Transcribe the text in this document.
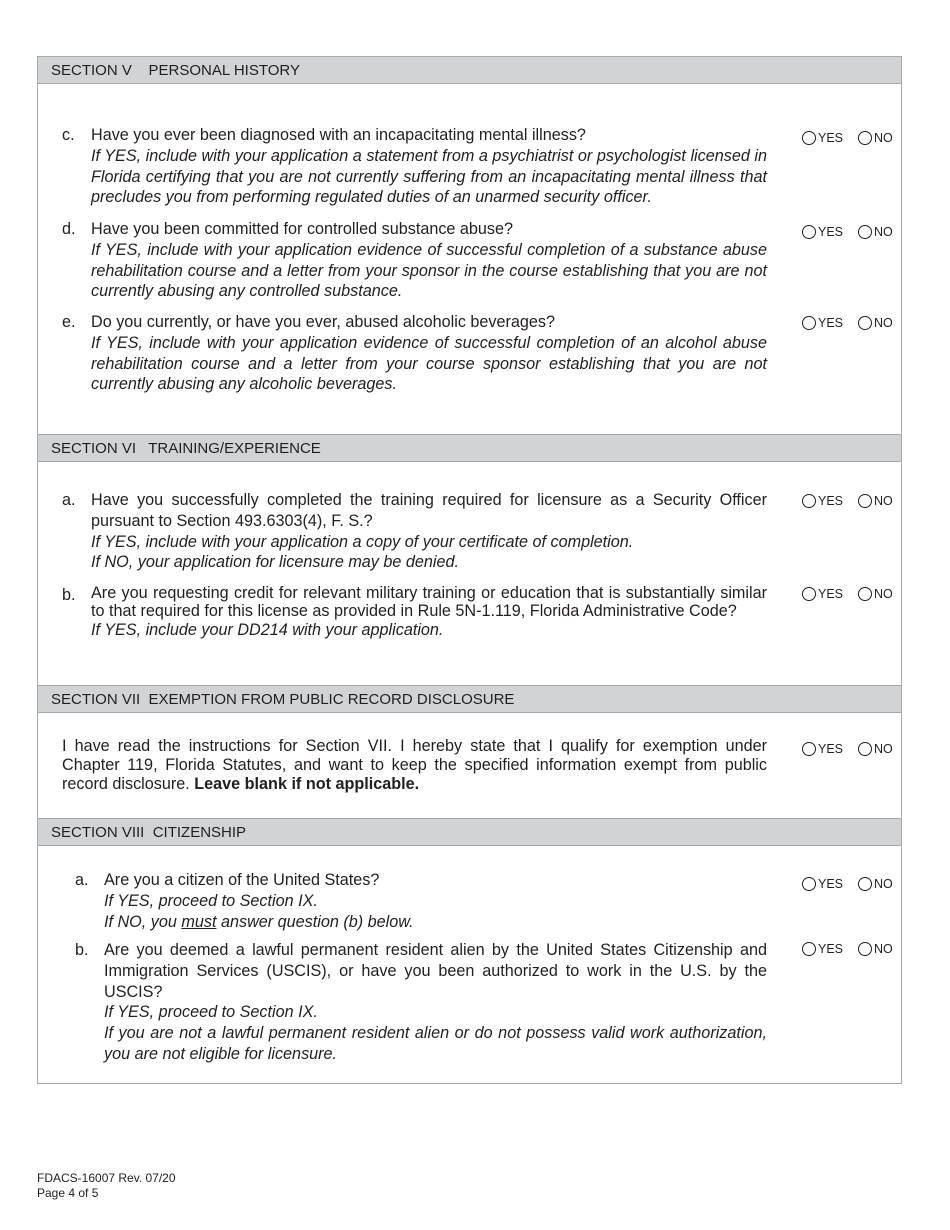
SECTION V PERSONAL HISTORY
c. Have you ever been diagnosed with an incapacitating mental illness?
If YES, include with your application a statement from a psychiatrist or psychologist licensed in Florida certifying that you are not currently suffering from an incapacitating mental illness that precludes you from performing regulated duties of an unarmed security officer.
YES NO
d. Have you been committed for controlled substance abuse?
If YES, include with your application evidence of successful completion of a substance abuse rehabilitation course and a letter from your sponsor in the course establishing that you are not currently abusing any controlled substance.
YES NO
e. Do you currently, or have you ever, abused alcoholic beverages?
If YES, include with your application evidence of successful completion of an alcohol abuse rehabilitation course and a letter from your course sponsor establishing that you are not currently abusing any alcoholic beverages.
YES NO
SECTION VI TRAINING/EXPERIENCE
a. Have you successfully completed the training required for licensure as a Security Officer pursuant to Section 493.6303(4), F. S.?
If YES, include with your application a copy of your certificate of completion.
If NO, your application for licensure may be denied.
YES NO
b. Are you requesting credit for relevant military training or education that is substantially similar to that required for this license as provided in Rule 5N-1.119, Florida Administrative Code?
If YES, include your DD214 with your application.
YES NO
SECTION VII EXEMPTION FROM PUBLIC RECORD DISCLOSURE
I have read the instructions for Section VII. I hereby state that I qualify for exemption under Chapter 119, Florida Statutes, and want to keep the specified information exempt from public record disclosure. Leave blank if not applicable.
YES NO
SECTION VIII CITIZENSHIP
a. Are you a citizen of the United States?
If YES, proceed to Section IX.
If NO, you must answer question (b) below.
YES NO
b. Are you deemed a lawful permanent resident alien by the United States Citizenship and Immigration Services (USCIS), or have you been authorized to work in the U.S. by the USCIS?
If YES, proceed to Section IX.
If you are not a lawful permanent resident alien or do not possess valid work authorization, you are not eligible for licensure.
YES NO
FDACS-16007 Rev. 07/20
Page 4 of 5
